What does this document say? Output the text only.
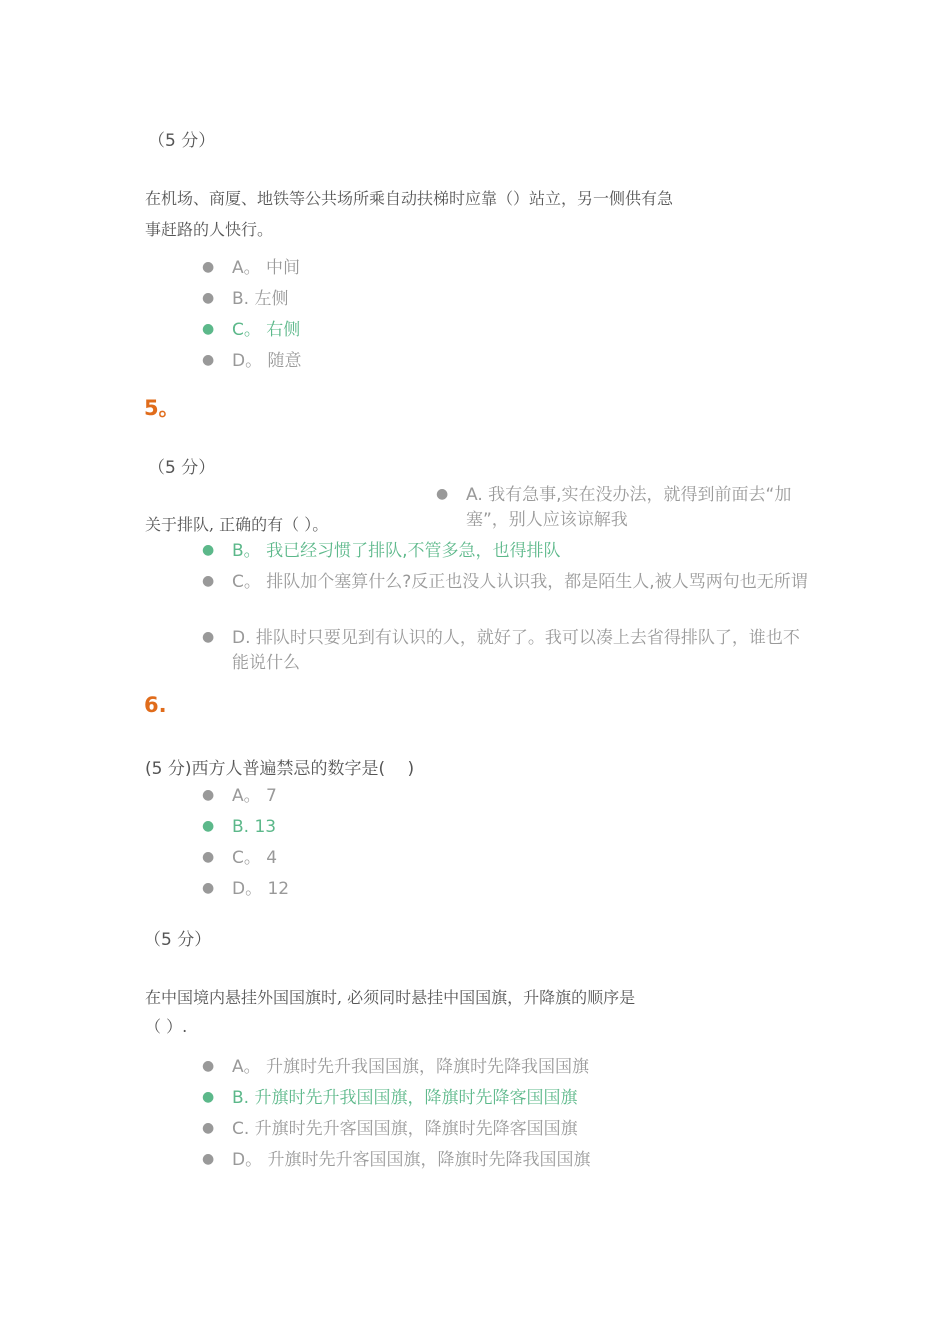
（5 分）
在机场、商厦、地铁等公共场所乘自动扶梯时应靠（）站立，另一侧供有急
事赶路的人快行。
● A。 中间
● B. 左侧
● C。 右侧
● D。 随意
5。
（5 分）
关于排队, 正确的有（ ）。
● A. 我有急事,实在没办法，就得到前面去“加塞”，别人应该谅解我
● B。 我已经习惯了排队,不管多急，也得排队
● C。 排队加个塞算什么?反正也没人认识我，都是陌生人,被人骂两句也无所谓
● D. 排队时只要见到有认识的人，就好了。我可以凑上去省得排队了，谁也不能说什么
6.
(5 分)西方人普遍禁忌的数字是(　 )
● A。 7
● B. 13
● C。 4
● D。 12
（5 分）
在中国境内悬挂外国国旗时, 必须同时悬挂中国国旗，升降旗的顺序是
（ ）.
● A。 升旗时先升我国国旗，降旗时先降我国国旗
● B. 升旗时先升我国国旗，降旗时先降客国国旗
● C. 升旗时先升客国国旗，降旗时先降客国国旗
● D。 升旗时先升客国国旗，降旗时先降我国国旗
